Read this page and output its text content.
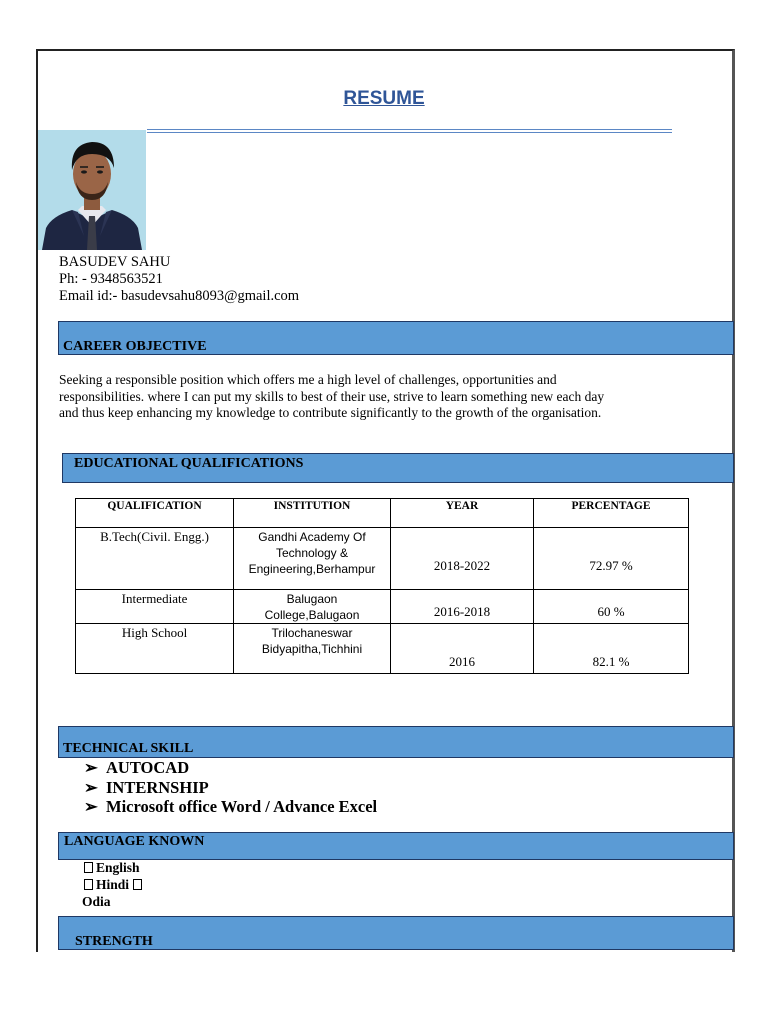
RESUME
BASUDEV SAHU
Ph: - 9348563521
Email id:- basudevsahu8093@gmail.com
CAREER OBJECTIVE
Seeking a responsible position which offers me a high level of challenges, opportunities and
responsibilities. where I can put my skills to best of their use, strive to learn something new each day
and thus keep enhancing my knowledge to contribute significantly to the growth of the organisation.
EDUCATIONAL QUALIFICATIONS
QUALIFICATION	INSTITUTION	YEAR	PERCENTAGE
B.Tech(Civil. Engg.)	Gandhi Academy Of
Technology &
Engineering,Berhampur	2018-2022	72.97 %
Intermediate	Balugaon
College,Balugaon	2016-2018	60 %
High School	Trilochaneswar
Bidyapitha,Tichhini	2016	82.1 %
TECHNICAL SKILL
➢ AUTOCAD
➢ INTERNSHIP
➢ Microsoft office Word / Advance Excel
LANGUAGE KNOWN
English
Hindi
Odia
STRENGTH
